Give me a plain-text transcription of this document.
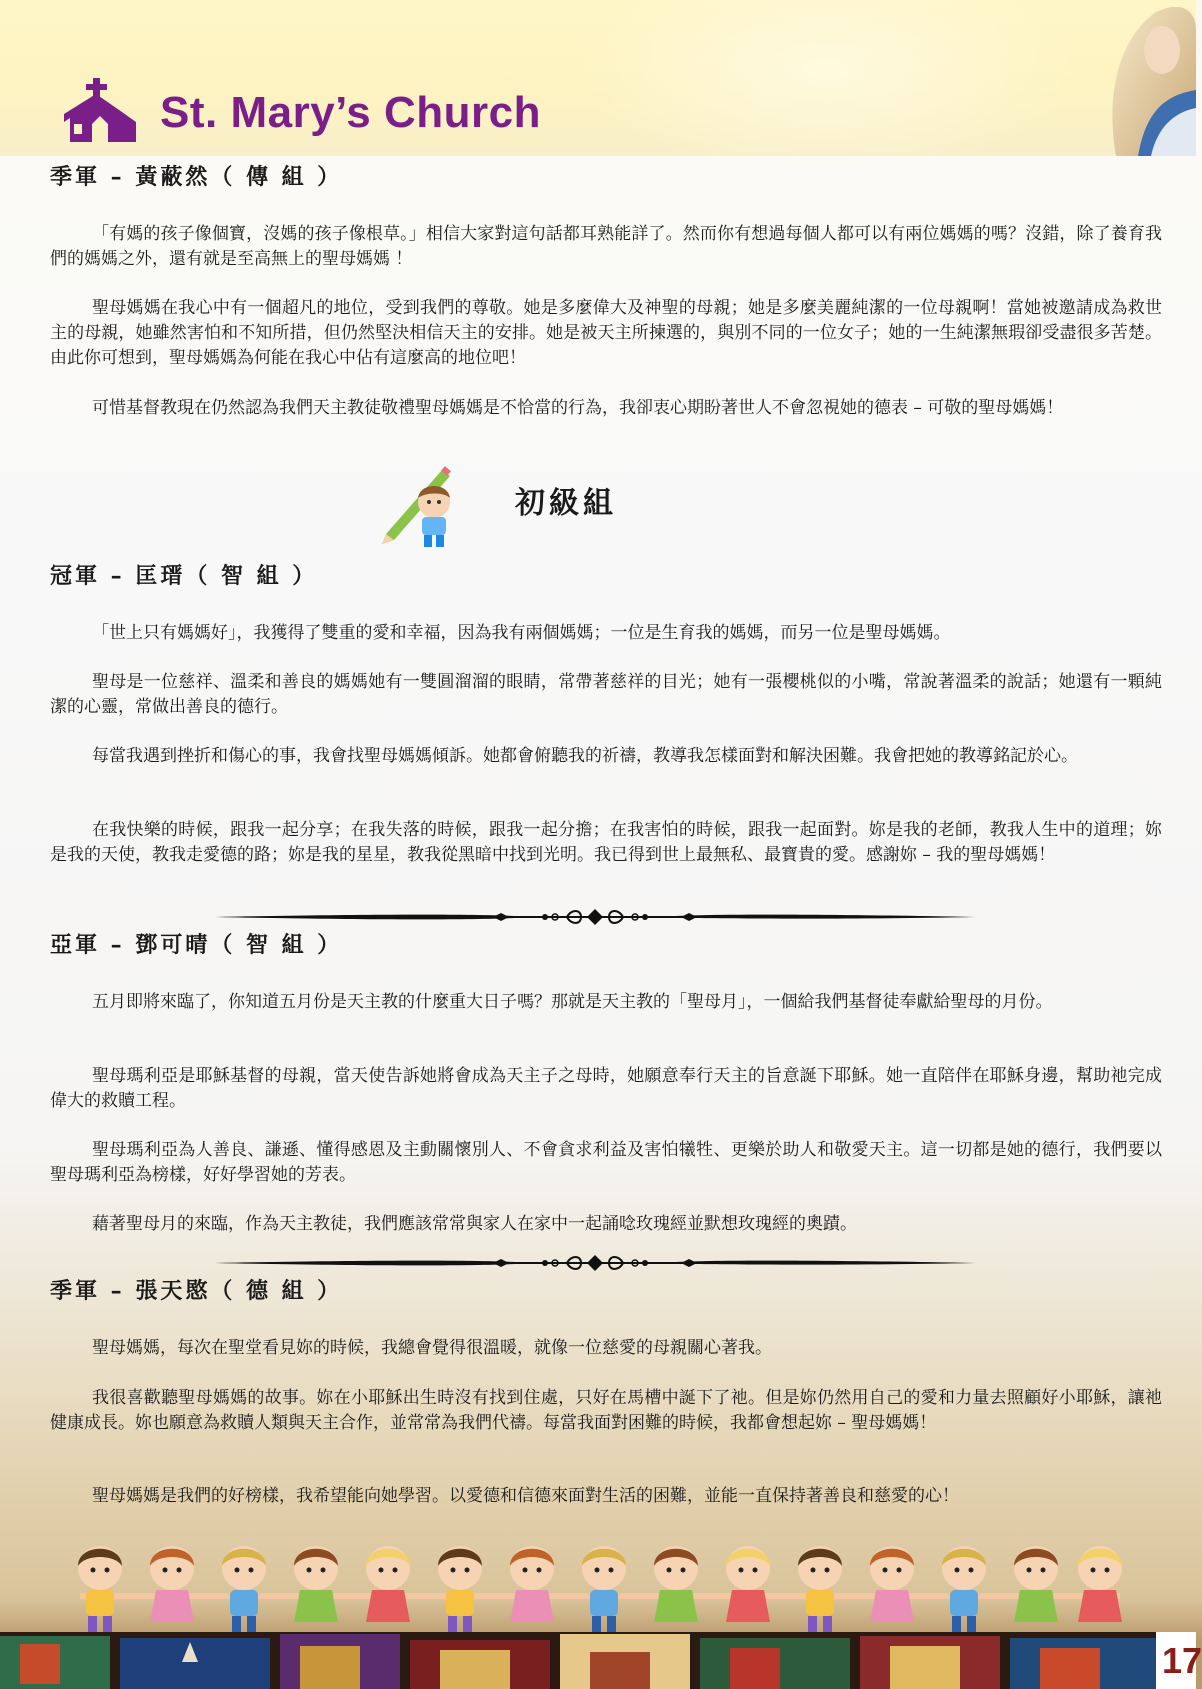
St. Mary’s Church
季軍 – 黃蔽然（ 傳 組 ）

「有媽的孩子像個寶，沒媽的孩子像根草。」相信大家對這句話都耳熟能詳了。然而你有想過每個人都可以有兩位媽媽的嗎？沒錯，除了養育我們的媽媽之外，還有就是至高無上的聖母媽媽 ！

聖母媽媽在我心中有一個超凡的地位，受到我們的尊敬。她是多麼偉大及神聖的母親；她是多麼美麗純潔的一位母親啊！當她被邀請成為救世主的母親，她雖然害怕和不知所措，但仍然堅決相信天主的安排。她是被天主所揀選的，與別不同的一位女子；她的一生純潔無瑕卻受盡很多苦楚。由此你可想到，聖母媽媽為何能在我心中佔有這麼高的地位吧！

可惜基督教現在仍然認為我們天主教徒敬禮聖母媽媽是不恰當的行為，我卻衷心期盼著世人不會忽視她的德表 – 可敬的聖母媽媽！

初級組
冠軍 – 匡瑨（ 智 組 ）

「世上只有媽媽好」，我獲得了雙重的愛和幸福，因為我有兩個媽媽；一位是生育我的媽媽，而另一位是聖母媽媽。

聖母是一位慈祥、溫柔和善良的媽媽她有一雙圓溜溜的眼睛，常帶著慈祥的目光；她有一張櫻桃似的小嘴，常說著溫柔的說話；她還有一顆純潔的心靈，常做出善良的德行。

每當我遇到挫折和傷心的事，我會找聖母媽媽傾訴。她都會俯聽我的祈禱，教導我怎樣面對和解決困難。我會把她的教導銘記於心。

在我快樂的時候，跟我一起分享；在我失落的時候，跟我一起分擔；在我害怕的時候，跟我一起面對。妳是我的老師，教我人生中的道理；妳是我的天使，教我走愛德的路；妳是我的星星，教我從黑暗中找到光明。我已得到世上最無私、最寶貴的愛。感謝妳 – 我的聖母媽媽！

亞軍 – 鄧可晴（ 智 組 ）

五月即將來臨了，你知道五月份是天主教的什麼重大日子嗎？那就是天主教的「聖母月」，一個給我們基督徒奉獻給聖母的月份。

聖母瑪利亞是耶穌基督的母親，當天使告訴她將會成為天主子之母時，她願意奉行天主的旨意誕下耶穌。她一直陪伴在耶穌身邊，幫助祂完成偉大的救贖工程。

聖母瑪利亞為人善良、謙遜、懂得感恩及主動關懷別人、不會貪求利益及害怕犧牲、更樂於助人和敬愛天主。這一切都是她的德行，我們要以聖母瑪利亞為榜樣，好好學習她的芳表。

藉著聖母月的來臨，作為天主教徒，我們應該常常與家人在家中一起誦唸玫瑰經並默想玫瑰經的奧蹟。

季軍 – 張天愍（ 德 組 ）

聖母媽媽，每次在聖堂看見妳的時候，我總會覺得很溫暖，就像一位慈愛的母親關心著我。

我很喜歡聽聖母媽媽的故事。妳在小耶穌出生時沒有找到住處，只好在馬槽中誕下了祂。但是妳仍然用自己的愛和力量去照顧好小耶穌，讓祂健康成長。妳也願意為救贖人類與天主合作，並常常為我們代禱。每當我面對困難的時候，我都會想起妳 – 聖母媽媽！

聖母媽媽是我們的好榜樣，我希望能向她學習。以愛德和信德來面對生活的困難，並能一直保持著善良和慈愛的心！

17
